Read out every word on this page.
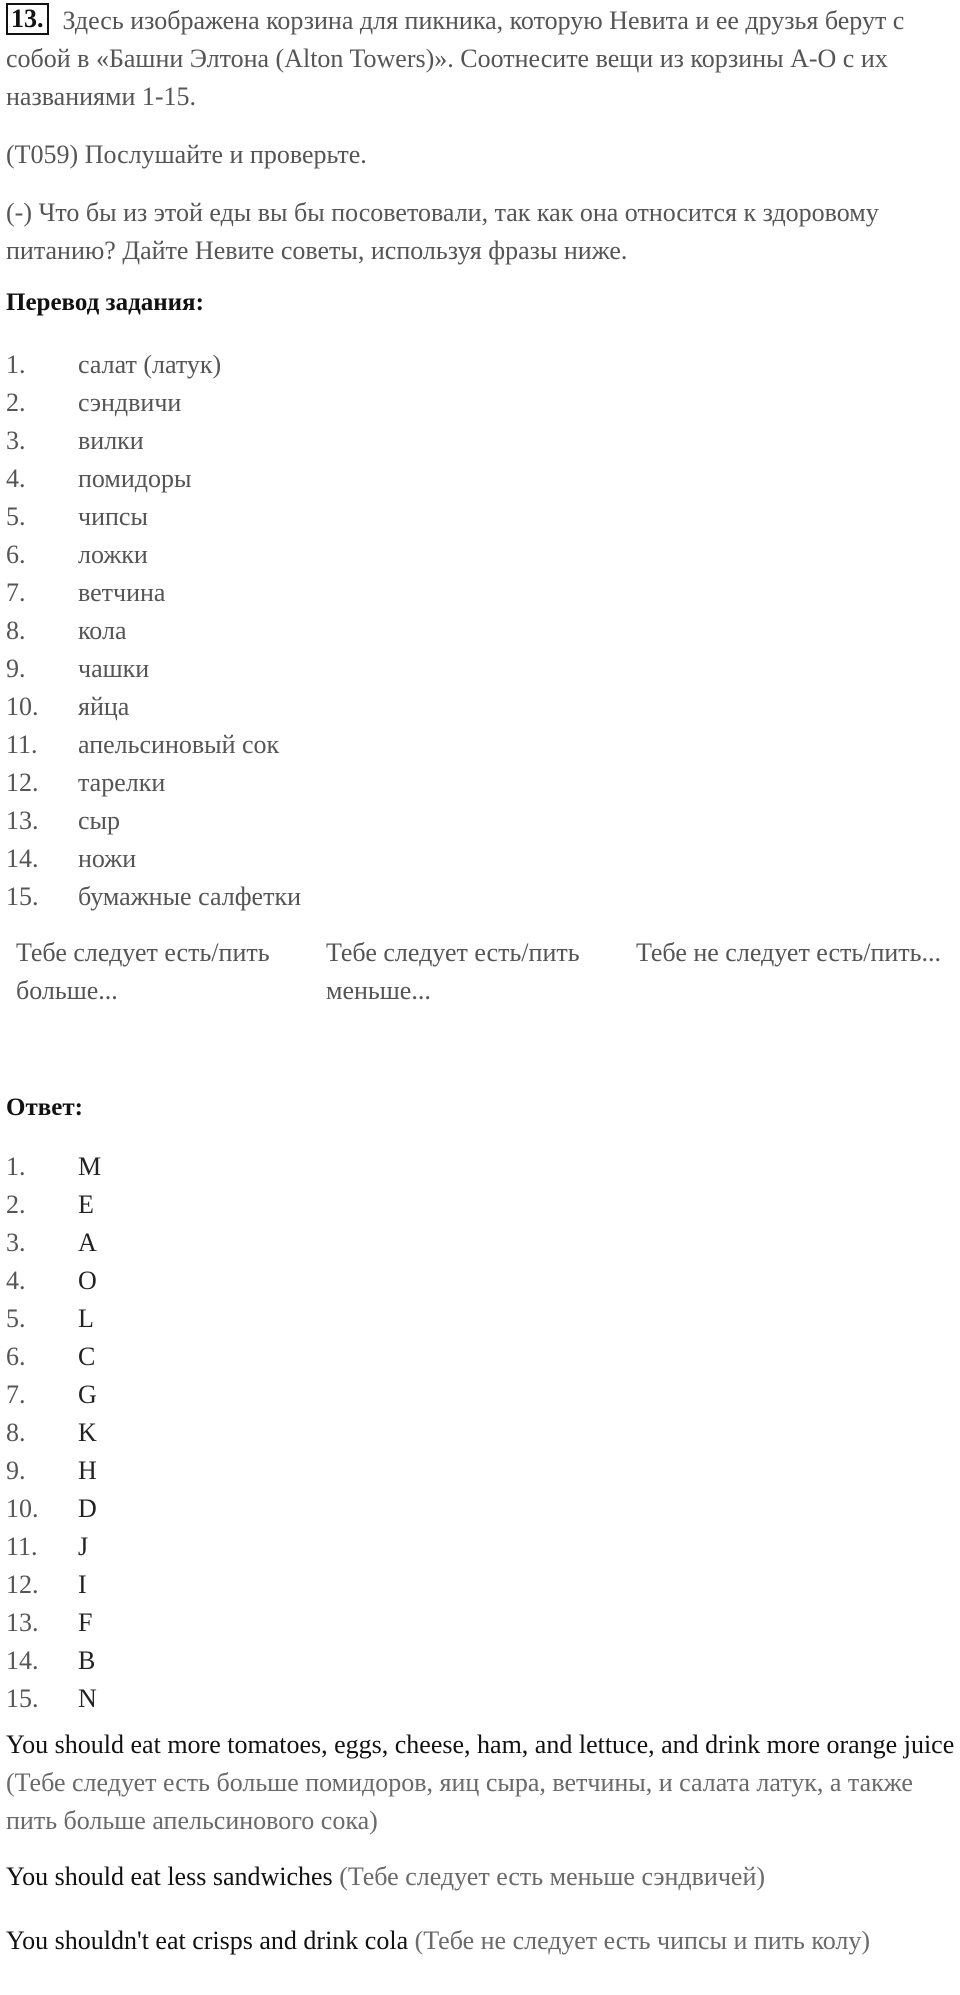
13. Здесь изображена корзина для пикника, которую Невита и ее друзья берут с собой в «Башни Элтона (Alton Towers)». Соотнесите вещи из корзины A-O с их названиями 1-15.

(T059) Послушайте и проверьте.

(-) Что бы из этой еды вы бы посоветовали, так как она относится к здоровому питанию? Дайте Невите советы, используя фразы ниже.

Перевод задания:

1.	салат (латук)
2.	сэндвичи
3.	вилки
4.	помидоры
5.	чипсы
6.	ложки
7.	ветчина
8.	кола
9.	чашки
10.	яйца
11.	апельсиновый сок
12.	тарелки
13.	сыр
14.	ножи
15.	бумажные салфетки
Тебе следует есть/пить больше...
Тебе следует есть/пить меньше...
Тебе не следует есть/пить...

Ответ:

1.	M
2.	E
3.	A
4.	O
5.	L
6.	C
7.	G
8.	K
9.	H
10.	D
11.	J
12.	I
13.	F
14.	B
15.	N

You should eat more tomatoes, eggs, cheese, ham, and lettuce, and drink more orange juice (Тебе следует есть больше помидоров, яиц сыра, ветчины, и салата латук, а также пить больше апельсинового сока)

You should eat less sandwiches (Тебе следует есть меньше сэндвичей)

You shouldn't eat crisps and drink cola (Тебе не следует есть чипсы и пить колу)
